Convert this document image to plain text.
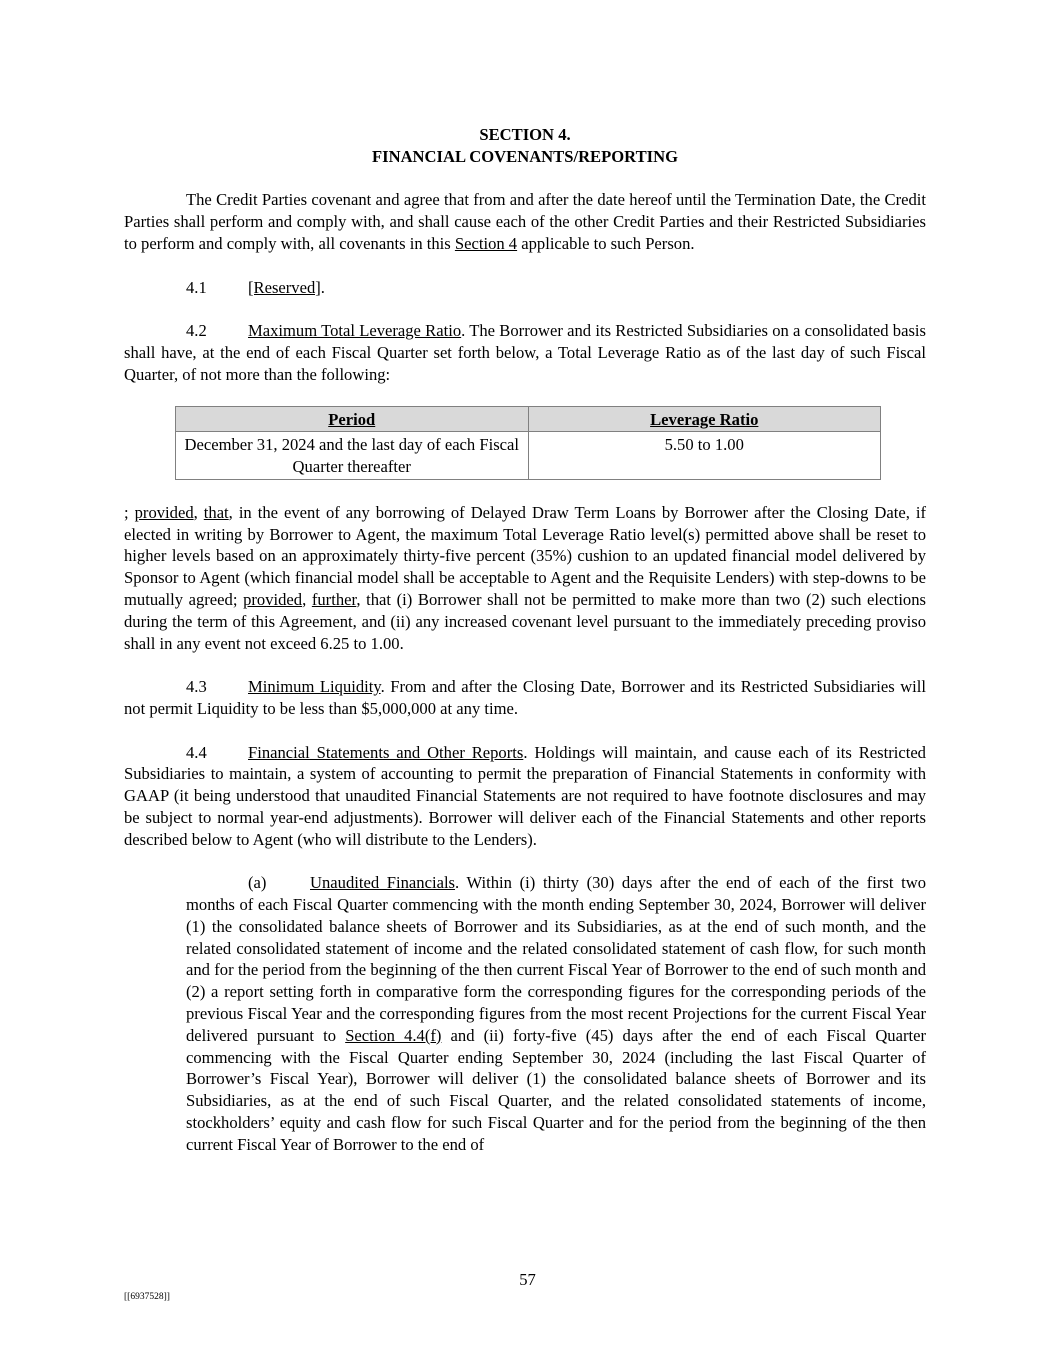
SECTION 4.

FINANCIAL COVENANTS/REPORTING

The Credit Parties covenant and agree that from and after the date hereof until the Termination Date, the Credit Parties shall perform and comply with, and shall cause each of the other Credit Parties and their Restricted Subsidiaries to perform and comply with, all covenants in this Section 4 applicable to such Person.

4.1 [Reserved].

4.2 Maximum Total Leverage Ratio. The Borrower and its Restricted Subsidiaries on a consolidated basis shall have, at the end of each Fiscal Quarter set forth below, a Total Leverage Ratio as of the last day of such Fiscal Quarter, of not more than the following:

Period	Leverage Ratio
December 31, 2024 and the last day of each Fiscal Quarter thereafter	5.50 to 1.00

; provided, that, in the event of any borrowing of Delayed Draw Term Loans by Borrower after the Closing Date, if elected in writing by Borrower to Agent, the maximum Total Leverage Ratio level(s) permitted above shall be reset to higher levels based on an approximately thirty-five percent (35%) cushion to an updated financial model delivered by Sponsor to Agent (which financial model shall be acceptable to Agent and the Requisite Lenders) with step-downs to be mutually agreed; provided, further, that (i) Borrower shall not be permitted to make more than two (2) such elections during the term of this Agreement, and (ii) any increased covenant level pursuant to the immediately preceding proviso shall in any event not exceed 6.25 to 1.00.

4.3 Minimum Liquidity. From and after the Closing Date, Borrower and its Restricted Subsidiaries will not permit Liquidity to be less than $5,000,000 at any time.

4.4 Financial Statements and Other Reports. Holdings will maintain, and cause each of its Restricted Subsidiaries to maintain, a system of accounting to permit the preparation of Financial Statements in conformity with GAAP (it being understood that unaudited Financial Statements are not required to have footnote disclosures and may be subject to normal year-end adjustments). Borrower will deliver each of the Financial Statements and other reports described below to Agent (who will distribute to the Lenders).

(a)	Unaudited Financials. Within (i) thirty (30) days after the end of each of the first two months of each Fiscal Quarter commencing with the month ending September 30, 2024, Borrower will deliver (1) the consolidated balance sheets of Borrower and its Subsidiaries, as at the end of such month, and the related consolidated statement of income and the related consolidated statement of cash flow, for such month and for the period from the beginning of the then current Fiscal Year of Borrower to the end of such month and (2) a report setting forth in comparative form the corresponding figures for the corresponding periods of the previous Fiscal Year and the corresponding figures from the most recent Projections for the current Fiscal Year delivered pursuant to Section 4.4(f) and (ii) forty-five (45) days after the end of each Fiscal Quarter commencing with the Fiscal Quarter ending September 30, 2024 (including the last Fiscal Quarter of Borrower’s Fiscal Year), Borrower will deliver (1) the consolidated balance sheets of Borrower and its Subsidiaries, as at the end of such Fiscal Quarter, and the related consolidated statements of income, stockholders’ equity and cash flow for such Fiscal Quarter and for the period from the beginning of the then current Fiscal Year of Borrower to the end of

57
[[6937528]]
